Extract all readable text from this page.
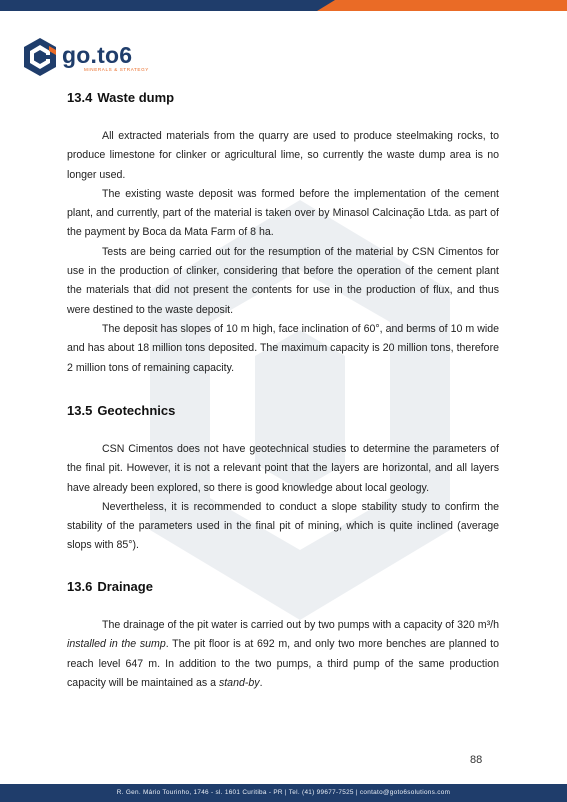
go.to6
MINERALS & STRATEGY
13.4 Waste dump

All extracted materials from the quarry are used to produce steelmaking rocks, to produce limestone for clinker or agricultural lime, so currently the waste dump area is no longer used.

The existing waste deposit was formed before the implementation of the cement plant, and currently, part of the material is taken over by Minasol Calcinação Ltda. as part of the payment by Boca da Mata Farm of 8 ha.

Tests are being carried out for the resumption of the material by CSN Cimentos for use in the production of clinker, considering that before the operation of the cement plant the materials that did not present the contents for use in the production of flux, and thus were destined to the waste deposit.

The deposit has slopes of 10 m high, face inclination of 60°, and berms of 10 m wide and has about 18 million tons deposited. The maximum capacity is 20 million tons, therefore 2 million tons of remaining capacity.

13.5 Geotechnics

CSN Cimentos does not have geotechnical studies to determine the parameters of the final pit. However, it is not a relevant point that the layers are horizontal, and all layers have already been explored, so there is good knowledge about local geology.

Nevertheless, it is recommended to conduct a slope stability study to confirm the stability of the parameters used in the final pit of mining, which is quite inclined (average slops with 85°).

13.6 Drainage

The drainage of the pit water is carried out by two pumps with a capacity of 320 m³/h installed in the sump. The pit floor is at 692 m, and only two more benches are planned to reach level 647 m. In addition to the two pumps, a third pump of the same production capacity will be maintained as a stand-by.

88
R. Gen. Mário Tourinho, 1746 - sl. 1601 Curitiba - PR | Tel. (41) 99677-7525 | contato@goto6solutions.com
